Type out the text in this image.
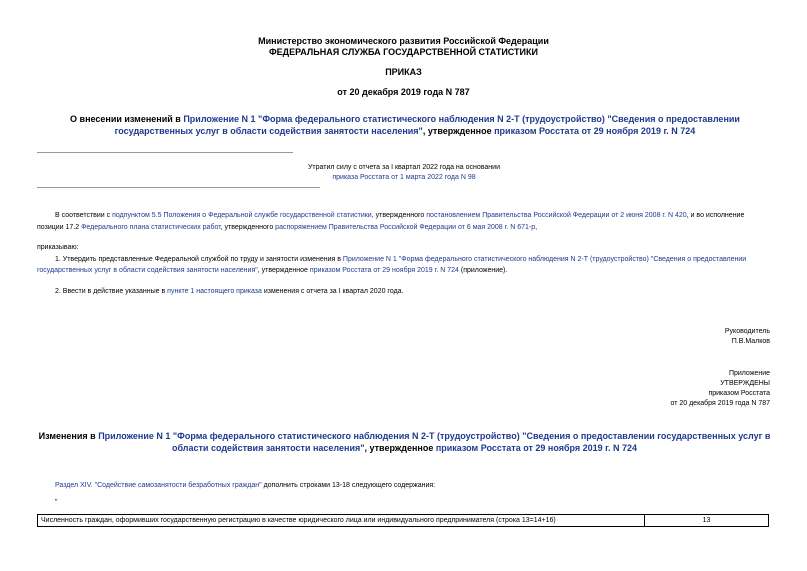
Министерство экономического развития Российской Федерации
ФЕДЕРАЛЬНАЯ СЛУЖБА ГОСУДАРСТВЕННОЙ СТАТИСТИКИ
ПРИКАЗ
от 20 декабря 2019 года N 787
О внесении изменений в Приложение N 1 "Форма федерального статистического наблюдения N 2-Т (трудоустройство) "Сведения о предоставлении государственных услуг в области содействия занятости населения", утвержденное приказом Росстата от 29 ноября 2019 г. N 724
Утратил силу с отчета за I квартал 2022 года на основании
приказа Росстата от 1 марта 2022 года N 98
В соответствии с подпунктом 5.5 Положения о Федеральной службе государственной статистики, утвержденного постановлением Правительства Российской Федерации от 2 июня 2008 г. N 420, и во исполнение
позиции 17.2 Федерального плана статистических работ, утвержденного распоряжением Правительства Российской Федерации от 6 мая 2008 г. N 671-р,
приказываю:
1. Утвердить представленные Федеральной службой по труду и занятости изменения в Приложение N 1 "Форма федерального статистического наблюдения N 2-Т (трудоустройство) "Сведения о предоставлении
государственных услуг в области содействия занятости населения", утвержденное приказом Росстата от 29 ноября 2019 г. N 724 (приложение).
2. Ввести в действие указанные в пункте 1 настоящего приказа изменения с отчета за I квартал 2020 года.
Руководитель
П.В.Малков
Приложение
УТВЕРЖДЕНЫ
приказом Росстата
от 20 декабря 2019 года N 787
Изменения в Приложение N 1 "Форма федерального статистического наблюдения N 2-Т (трудоустройство) "Сведения о предоставлении государственных услуг в
области содействия занятости населения", утвержденное приказом Росстата от 29 ноября 2019 г. N 724
Раздел XIV. "Содействие самозанятости безработных граждан" дополнить строками 13-18 следующего содержания:
"
Численность граждан, оформивших государственную регистрацию в качестве юридического лица или индивидуального предпринимателя (строка 13=14+16)	13
